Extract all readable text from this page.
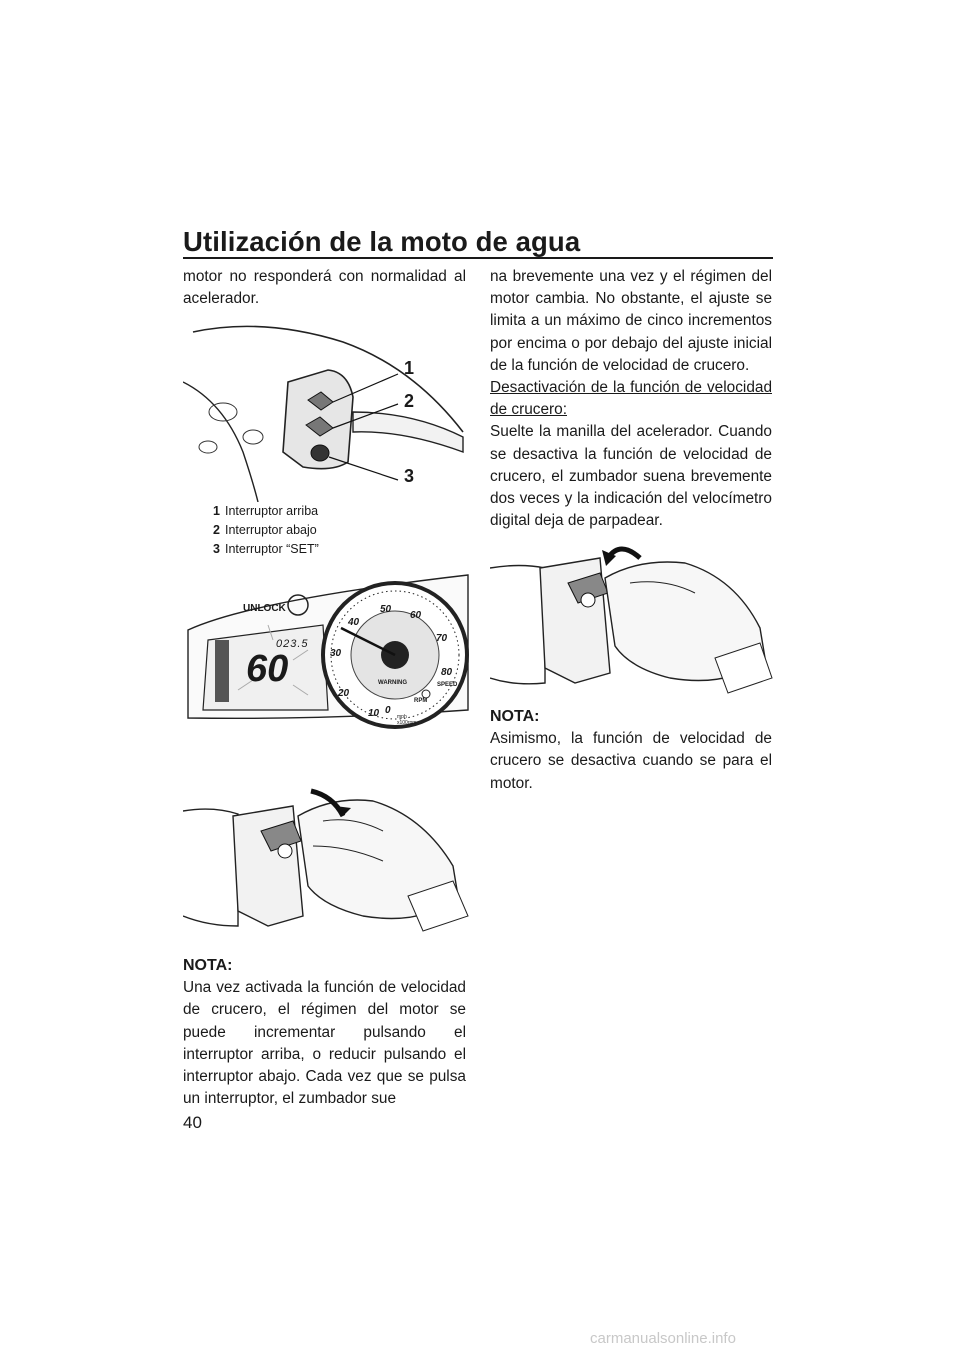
Utilización de la moto de agua

motor no responderá con normalidad al acelerador.

1
2
3
1 Interruptor arriba
2 Interruptor abajo
3 Interruptor “SET”
UNLOCK
023.5
60
10 0
20
30
40
50
60
70
80
WARNING	SPEED
RPM
mph x100rpm

NOTA:

Una vez activada la función de velocidad de crucero, el régimen del motor se puede incrementar pulsando el interruptor arriba, o reducir pulsando el interruptor abajo. Cada vez que se pulsa un interruptor, el zumbador sue

na brevemente una vez y el régimen del motor cambia. No obstante, el ajuste se limita a un máximo de cinco incrementos por encima o por debajo del ajuste inicial de la función de velocidad de crucero.

Desactivación de la función de velocidad de crucero:

Suelte la manilla del acelerador. Cuando se desactiva la función de velocidad de crucero, el zumbador suena brevemente dos veces y la indicación del velocímetro digital deja de parpadear.

NOTA:

Asimismo, la función de velocidad de crucero se desactiva cuando se para el motor.

40
carmanualsonline.info
